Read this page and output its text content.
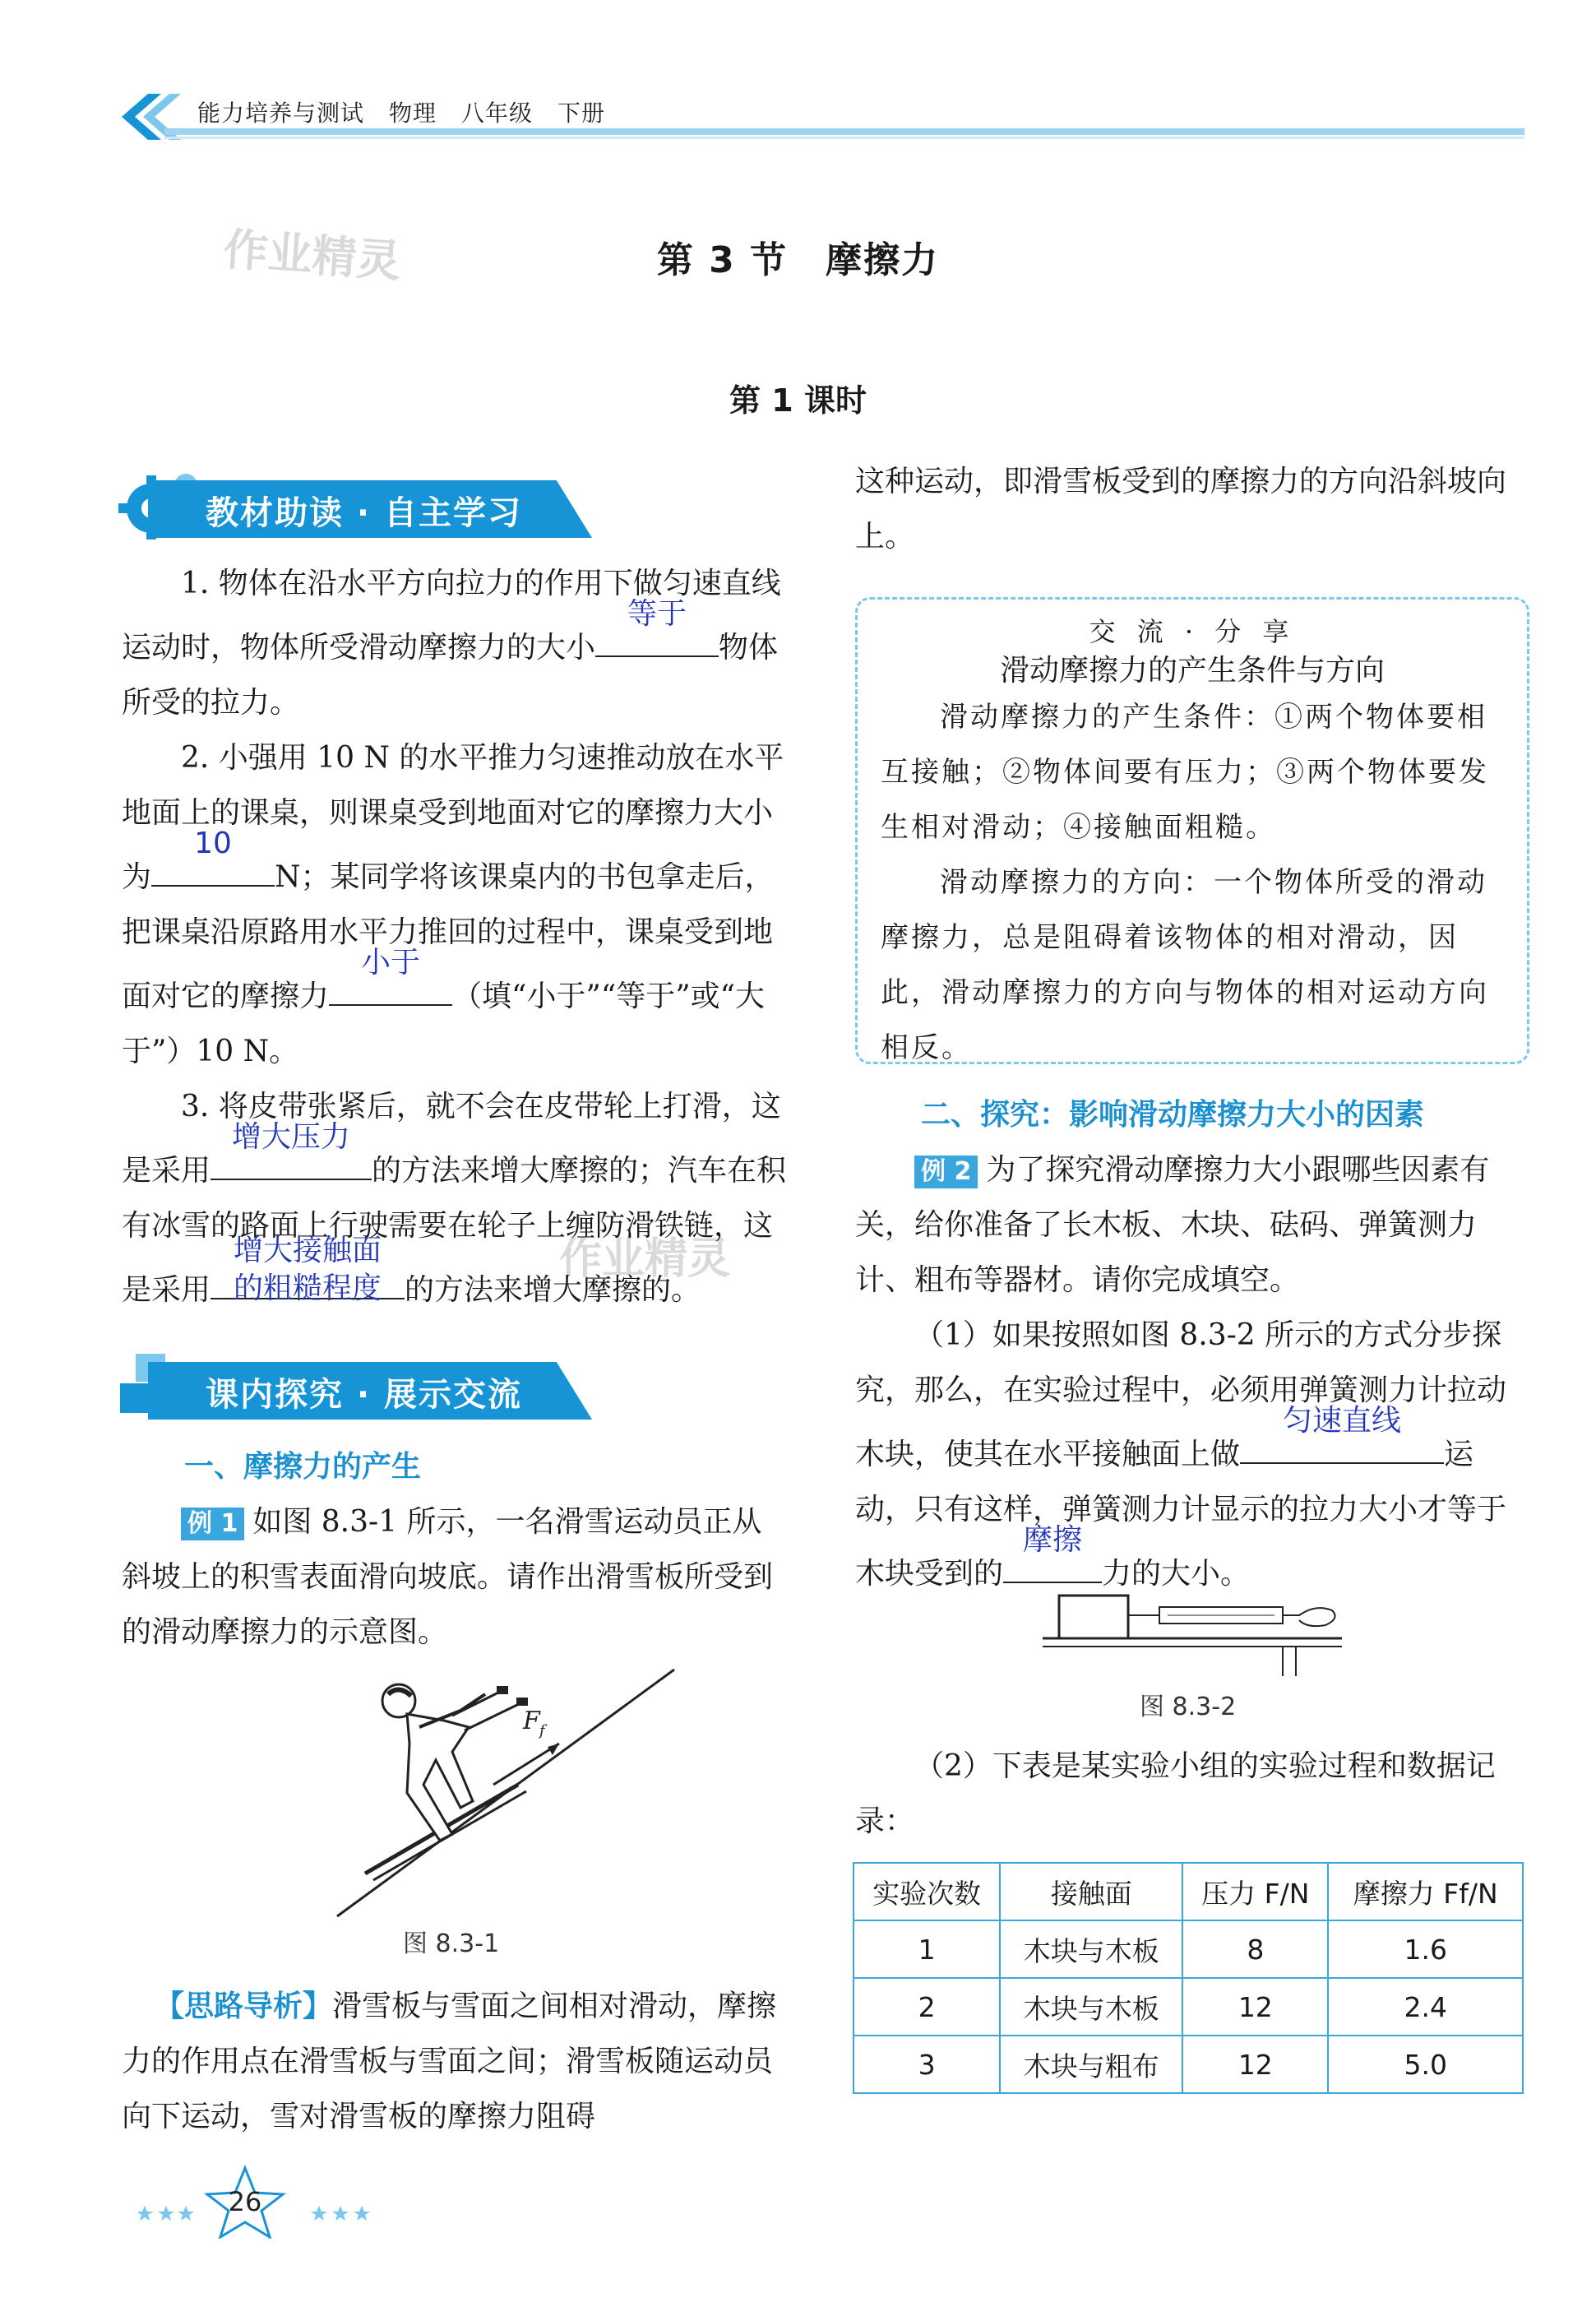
能力培养与测试 物理 八年级 下册
作业精灵
作业精灵
第 3 节　摩擦力
第 1 课时
教材助读 · 自主学习
1. 物体在沿水平方向拉力的作用下做匀速直线运动时，物体所受滑动摩擦力的大小
等于
物体所受的拉力。
2. 小强用 10 N 的水平推力匀速推动放在水平地面上的课桌，则课桌受到地面对它的摩擦力大小为
10
N；某同学将该课桌内的书包拿走后，把课桌沿原路用水平力推回的过程中，课桌受到地面对它的摩擦力
小于
（填“小于”“等于”或“大于”）10 N。
3. 将皮带张紧后，就不会在皮带轮上打滑，这是采用
增大压力
的方法来增大摩擦的；汽车在积有冰雪的路面上行驶需要在轮子上缠防滑铁链，这是采用
增大接触面
的粗糙程度 的方法来增大摩擦的。
课内探究 · 展示交流
一、摩擦力的产生
例 1 如图 8.3-1 所示，一名滑雪运动员正从斜坡上的积雪表面滑向坡底。请作出滑雪板所受到的滑动摩擦力的示意图。
F f
图 8.3-1
【思路导析】滑雪板与雪面之间相对滑动，摩擦力的作用点在滑雪板与雪面之间；滑雪板随运动员向下运动，雪对滑雪板的摩擦力阻碍
这种运动，即滑雪板受到的摩擦力的方向沿斜坡向上。
交 流 · 分 享
滑动摩擦力的产生条件与方向
滑动摩擦力的产生条件：①两个物体要相互接触；②物体间要有压力；③两个物体要发生相对滑动；④接触面粗糙。
滑动摩擦力的方向：一个物体所受的滑动摩擦力，总是阻碍着该物体的相对滑动，因此，滑动摩擦力的方向与物体的相对运动方向相反。
二、探究：影响滑动摩擦力大小的因素
例 2 为了探究滑动摩擦力大小跟哪些因素有关，给你准备了长木板、木块、砝码、弹簧测力计、粗布等器材。请你完成填空。
（1）如果按照如图 8.3-2 所示的方式分步探究，那么，在实验过程中，必须用弹簧测力计拉动木块，使其在水平接触面上做
匀速直线
运动，只有这样，弹簧测力计显示的拉力大小才等于木块受到的
摩擦
力的大小。
图 8.3-2
（2）下表是某实验小组的实验过程和数据记录：
实验次数	接触面	压力 F/N	摩擦力 Ff/N
1	木块与木板	8	1.6
2	木块与木板	12	2.4
3	木块与粗布	12	5.0
26
